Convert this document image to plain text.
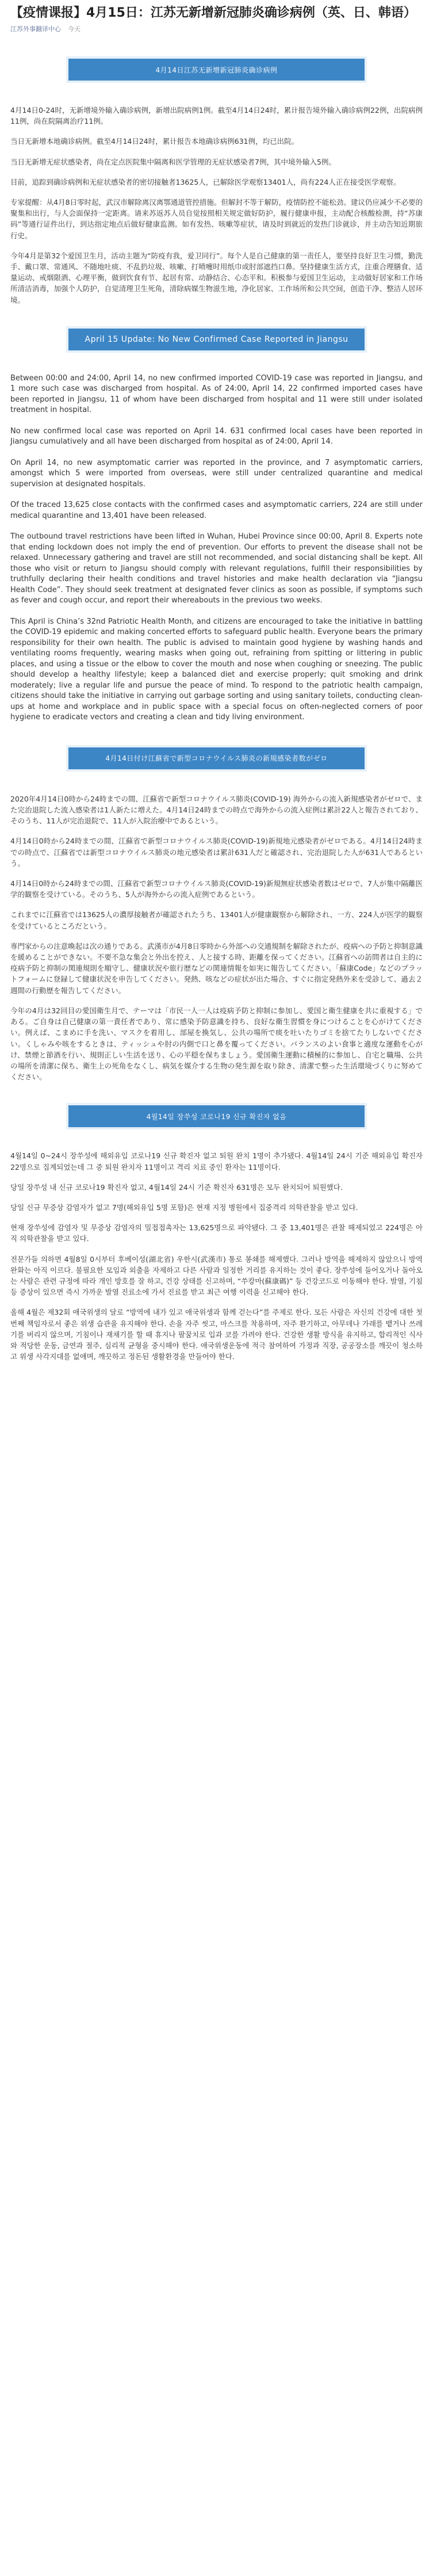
【疫情课报】4月15日：江苏无新增新冠肺炎确诊病例（英、日、韩语）
江苏外事翻译中心 今天
4月14日江苏无新增新冠肺炎确诊病例

4月14日0-24时，无新增境外输入确诊病例，新增出院病例1例。截至4月14日24时，累计报告境外输入确诊病例22例，出院病例11例，尚在院隔离治疗11例。

当日无新增本地确诊病例。截至4月14日24时，累计报告本地确诊病例631例，均已出院。

当日无新增无症状感染者，尚在定点医院集中隔离和医学管理的无症状感染者7例，其中境外输入5例。

目前，追踪到确诊病例和无症状感染者的密切接触者13625人，已解除医学观察13401人，尚有224人正在接受医学观察。

专家提醒：从4月8日零时起，武汉市解除离汉离鄂通道管控措施。但解封不等于解防，疫情防控不能松劲。建议仍应减少不必要的聚集和出行，与人会面保持一定距离。请来苏返苏人员自觉按照相关规定做好防护，履行健康申报，主动配合核酸检测，持“苏康码”等通行证件出行，到达指定地点后做好健康监测。如有发热、咳嗽等症状，请及时到就近的发热门诊就诊，并主动告知近期旅行史。

今年4月是第32个爱国卫生月，活动主题为“防疫有我，爱卫同行”。每个人是自己健康的第一责任人，要坚持良好卫生习惯，勤洗手、戴口罩、常通风、不随地吐痰、不乱扔垃圾、咳嗽、打喷嚏时用纸巾或肘部遮挡口鼻。坚持健康生活方式，注重合理膳食、适量运动、戒烟限酒、心理平衡，做到饮食有节、起居有常、动静结合、心态平和。积极参与爱国卫生运动，主动做好居家和工作场所清洁消毒，加强个人防护，自觉清理卫生死角，清除病媒生物滋生地，净化居家、工作场所和公共空间，创造干净、整洁人居环境。

April 15 Update: No New Confirmed Case Reported in Jiangsu

Between 00:00 and 24:00, April 14, no new confirmed imported COVID-19 case was reported in Jiangsu, and 1 more such case was discharged from hospital. As of 24:00, April 14, 22 confirmed imported cases have been reported in Jiangsu, 11 of whom have been discharged from hospital and 11 were still under isolated treatment in hospital.

No new confirmed local case was reported on April 14. 631 confirmed local cases have been reported in Jiangsu cumulatively and all have been discharged from hospital as of 24:00, April 14.

On April 14, no new asymptomatic carrier was reported in the province, and 7 asymptomatic carriers, amongst which 5 were imported from overseas, were still under centralized quarantine and medical supervision at designated hospitals.

Of the traced 13,625 close contacts with the confirmed cases and asymptomatic carriers, 224 are still under medical quarantine and 13,401 have been released.

The outbound travel restrictions have been lifted in Wuhan, Hubei Province since 00:00, April 8. Experts note that ending lockdown does not imply the end of prevention. Our efforts to prevent the disease shall not be relaxed. Unnecessary gathering and travel are still not recommended, and social distancing shall be kept. All those who visit or return to Jiangsu should comply with relevant regulations, fulfill their responsibilities by truthfully declaring their health conditions and travel histories and make health declaration via “Jiangsu Health Code”. They should seek treatment at designated fever clinics as soon as possible, if symptoms such as fever and cough occur, and report their whereabouts in the previous two weeks.

This April is China’s 32nd Patriotic Health Month, and citizens are encouraged to take the initiative in battling the COVID-19 epidemic and making concerted efforts to safeguard public health. Everyone bears the primary responsibility for their own health. The public is advised to maintain good hygiene by washing hands and ventilating rooms frequently, wearing masks when going out, refraining from spitting or littering in public places, and using a tissue or the elbow to cover the mouth and nose when coughing or sneezing. The public should develop a healthy lifestyle; keep a balanced diet and exercise properly; quit smoking and drink moderately; live a regular life and pursue the peace of mind. To respond to the patriotic health campaign, citizens should take the initiative in carrying out garbage sorting and using sanitary toilets, conducting clean-ups at home and workplace and in public space with a special focus on often-neglected corners of poor hygiene to eradicate vectors and creating a clean and tidy living environment.

4月14日付け江蘇省で新型コロナウイルス肺炎の新規感染者数がゼロ

2020年4月14日0時から24時までの間、江蘇省で新型コロナウイルス肺炎(COVID-19) 海外からの流入新規感染者がゼロで、また完治退院した流入感染者は1人新たに増えた。4月14日24時までの時点で海外からの流入症例は累計22人と報告されており、そのうち、11人が完治退院で、11人が入院治療中であるという。

4月14日0時から24時までの間、江蘇省で新型コロナウイルス肺炎(COVID-19)新規地元感染者がゼロである。4月14日24時までの時点で、江蘇省では新型コロナウイルス肺炎の地元感染者は累計631人だと確認され、完治退院した人が631人であるという。

4月14日0時から24時までの間、江蘇省で新型コロナウイルス肺炎(COVID-19)新規無症状感染者数はゼロで、7人が集中隔離医学的観察を受けている。そのうち、5人が海外からの流入症例であるという。

これまでに江蘇省では13625人の濃厚接触者が確認されたうち、13401人が健康観察から解除され、一方、224人が医学的観察を受けているところだという。

専門家からの注意喚起は次の通りである。武漢市が4月8日零時から外部への交通規制を解除されたが、疫病への予防と抑制意識を緩めることができない。不要不急な集会と外出を控え、人と接する時、距離を保ってください。江蘇省への訪問者は自主的に疫病予防と抑制の関連規則を順守し、健康状況や旅行歴などの関連情報を如実に報告してください。「蘇康Code」などのプラットフォームに登録して健康状況を申告してください。発熱、咳などの症状が出た場合、すぐに指定発熱外来を受診して、過去２週間の行動歴を報告してください。

今年の4月は32回目の愛国衛生月で、テーマは「市民一人一人は疫病予防と抑制に参加し、愛国と衛生健康を共に重視する」である。ご自身は自己健康の第一責任者であり、常に感染予防意識を持ち、良好な衛生習慣を身につけることを心がけてください。例えば、こまめに手を洗い、マスクを着用し、部屋を換気し、公共の場所で痰を吐いたりゴミを捨てたりしないでください。くしゃみや咳をするときは、ティッシュや肘の内側で口と鼻を覆ってください。バランスのよい食事と適度な運動を心がけ、禁煙と節酒を行い、規則正しい生活を送り、心の平穏を保ちましょう。愛国衛生運動に積極的に参加し、自宅と職場、公共の場所を清潔に保ち、衛生上の死角をなくし、病気を媒介する生物の発生源を取り除き、清潔で整った生活環境づくりに努めてください。

4월14일 장쑤성 코로나19 신규 확진자 없음

4월14일 0~24시 장쑤성에 해외유입 코로나19 신규 확진자 없고 퇴원 완치 1명이 추가됐다. 4월14일 24시 기준 해외유입 확진자 22명으로 집계되었는데 그 중 퇴원 완치자 11명이고 격리 치료 중인 환자는 11명이다.

당일 장쑤성 내 신규 코로나19 확진자 없고, 4월14일 24시 기준 확진자 631명은 모두 완치되어 퇴원했다.

당일 신규 무증상 감염자가 없고 7명(해외유입 5명 포함)은 현재 지정 병원에서 집중격리 의학관찰을 받고 있다.

현재 장쑤성에 감염자 및 무증상 감염자의 밀접접촉자는 13,625명으로 파악됐다. 그 중 13,401명은 관찰 해제되었고 224명은 아직 의학관찰을 받고 있다.

전문가들 의하면 4월8일 0시부터 후베이성(湖北省) 우한시(武漢市) 통로 봉쇄를 해제했다. 그러나 방역을 해제하지 않았으니 방역 완화는 아직 이르다. 불필요한 모임과 외출을 자제하고 다른 사람과 일정한 거리를 유지하는 것이 좋다. 장쑤성에 들어오거나 돌아오는 사람은 관련 규정에 따라 개인 방호를 잘 하고, 건강 상태를 신고하며, “쑤캉마(蘇康碼)” 등 건강코드로 이동해야 한다. 발열, 기침 등 증상이 있으면 즉시 가까운 발열 진료소에 가서 진료를 받고 최근 여행 이력을 신고해야 한다.

올해 4월은 제32회 애국위생의 달로 “방역에 내가 있고 애국위생과 함께 걷는다”를 주제로 한다. 모든 사람은 자신의 건강에 대한 첫 번째 책임자로서 좋은 위생 습관을 유지해야 한다. 손을 자주 씻고, 마스크를 착용하며, 자주 환기하고, 아무데나 가래를 뱉거나 쓰레기를 버리지 않으며, 기침이나 재채기를 할 때 휴지나 팔꿈치로 입과 코를 가려야 한다. 건강한 생활 방식을 유지하고, 합리적인 식사와 적당한 운동, 금연과 절주, 심리적 균형을 중시해야 한다. 애국위생운동에 적극 참여하여 가정과 직장, 공공장소를 깨끗이 청소하고 위생 사각지대를 없애며, 깨끗하고 정돈된 생활환경을 만들어야 한다.
